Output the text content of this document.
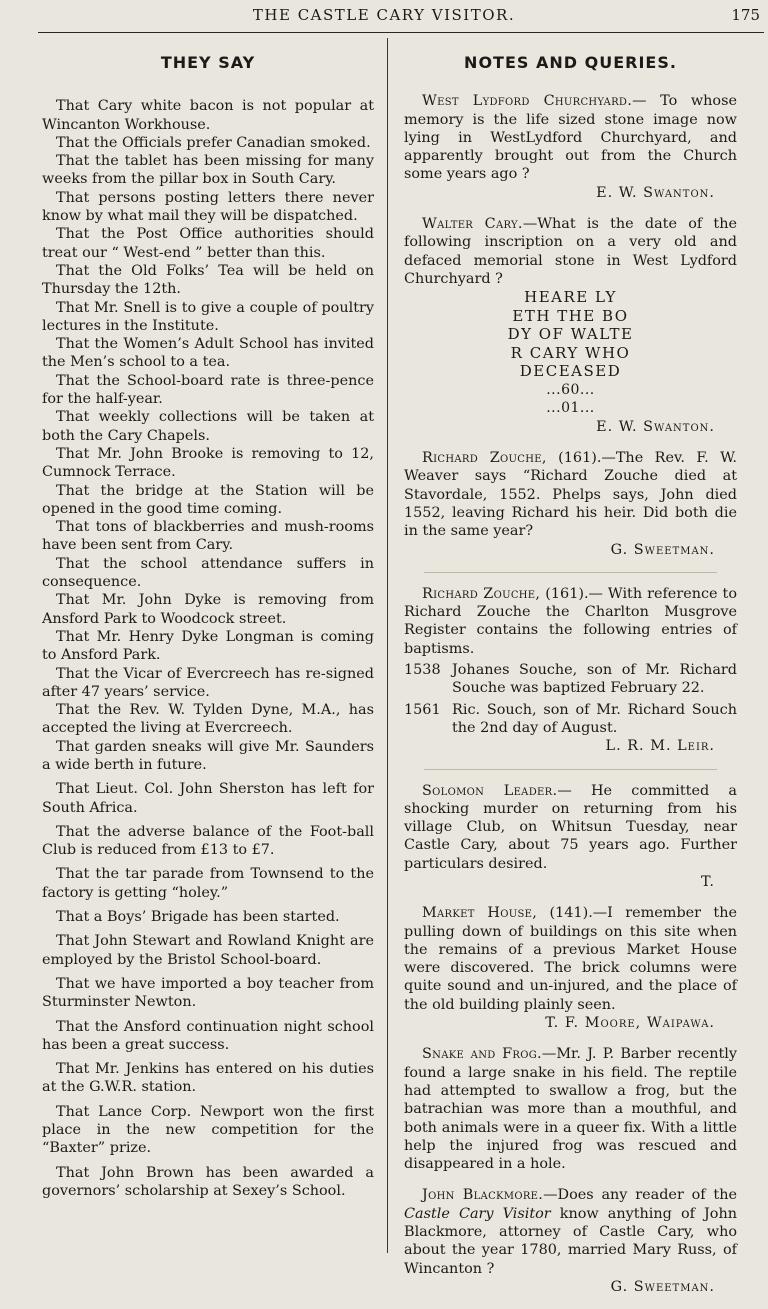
THE CASTLE CARY VISITOR.	175
THEY SAY

That Cary white bacon is not popular at Wincanton Workhouse.

That the Officials prefer Canadian smoked.

That the tablet has been missing for many weeks from the pillar box in South Cary.

That persons posting letters there never know by what mail they will be dispatched.

That the Post Office authorities should treat our “ West-end ” better than this.

That the Old Folks’ Tea will be held on Thursday the 12th.

That Mr. Snell is to give a couple of poultry lectures in the Institute.

That the Women’s Adult School has invited the Men’s school to a tea.

That the School-board rate is three-pence for the half-year.

That weekly collections will be taken at both the Cary Chapels.

That Mr. John Brooke is removing to 12, Cumnock Terrace.

That the bridge at the Station will be opened in the good time coming.

That tons of blackberries and mush-rooms have been sent from Cary.

That the school attendance suffers in consequence.

That Mr. John Dyke is removing from Ansford Park to Woodcock street.

That Mr. Henry Dyke Longman is coming to Ansford Park.

That the Vicar of Evercreech has re-signed after 47 years’ service.

That the Rev. W. Tylden Dyne, M.A., has accepted the living at Evercreech.

That garden sneaks will give Mr. Saunders a wide berth in future.

That Lieut. Col. John Sherston has left for South Africa.

That the adverse balance of the Foot-ball Club is reduced from £13 to £7.

That the tar parade from Townsend to the factory is getting “holey.”

That a Boys’ Brigade has been started.

That John Stewart and Rowland Knight are employed by the Bristol School-board.

That we have imported a boy teacher from Sturminster Newton.

That the Ansford continuation night school has been a great success.

That Mr. Jenkins has entered on his duties at the G.W.R. station.

That Lance Corp. Newport won the first place in the new competition for the “Baxter” prize.

That John Brown has been awarded a governors’ scholarship at Sexey’s School.

NOTES AND QUERIES.

West Lydford Churchyard.— To whose memory is the life sized stone image now lying in WestLydford Churchyard, and apparently brought out from the Church some years ago ?

E. W. Swanton.

Walter Cary.—What is the date of the following inscription on a very old and defaced memorial stone in West Lydford Churchyard ?

HEARE LY
ETH THE BO
DY OF WALTE
R CARY WHO
DECEASED
...60...
...01...
E. W. Swanton.

Richard Zouche, (161).—The Rev. F. W. Weaver says “Richard Zouche died at Stavordale, 1552. Phelps says, John died 1552, leaving Richard his heir. Did both die in the same year?

G. Sweetman.

Richard Zouche, (161).— With reference to Richard Zouche the Charlton Musgrove Register contains the following entries of baptisms.

1538 Johanes Souche, son of Mr. Richard Souche was baptized February 22.
1561 Ric. Souch, son of Mr. Richard Souch the 2nd day of August.
L. R. M. Leir.

Solomon Leader.— He committed a shocking murder on returning from his village Club, on Whitsun Tuesday, near Castle Cary, about 75 years ago. Further particulars desired.

T.

Market House, (141).—I remember the pulling down of buildings on this site when the remains of a previous Market House were discovered. The brick columns were quite sound and un-injured, and the place of the old building plainly seen.

T. F. Moore, Waipawa.

Snake and Frog.—Mr. J. P. Barber recently found a large snake in his field. The reptile had attempted to swallow a frog, but the batrachian was more than a mouthful, and both animals were in a queer fix. With a little help the injured frog was rescued and disappeared in a hole.

John Blackmore.—Does any reader of the Castle Cary Visitor know anything of John Blackmore, attorney of Castle Cary, who about the year 1780, married Mary Russ, of Wincanton ?

G. Sweetman.
